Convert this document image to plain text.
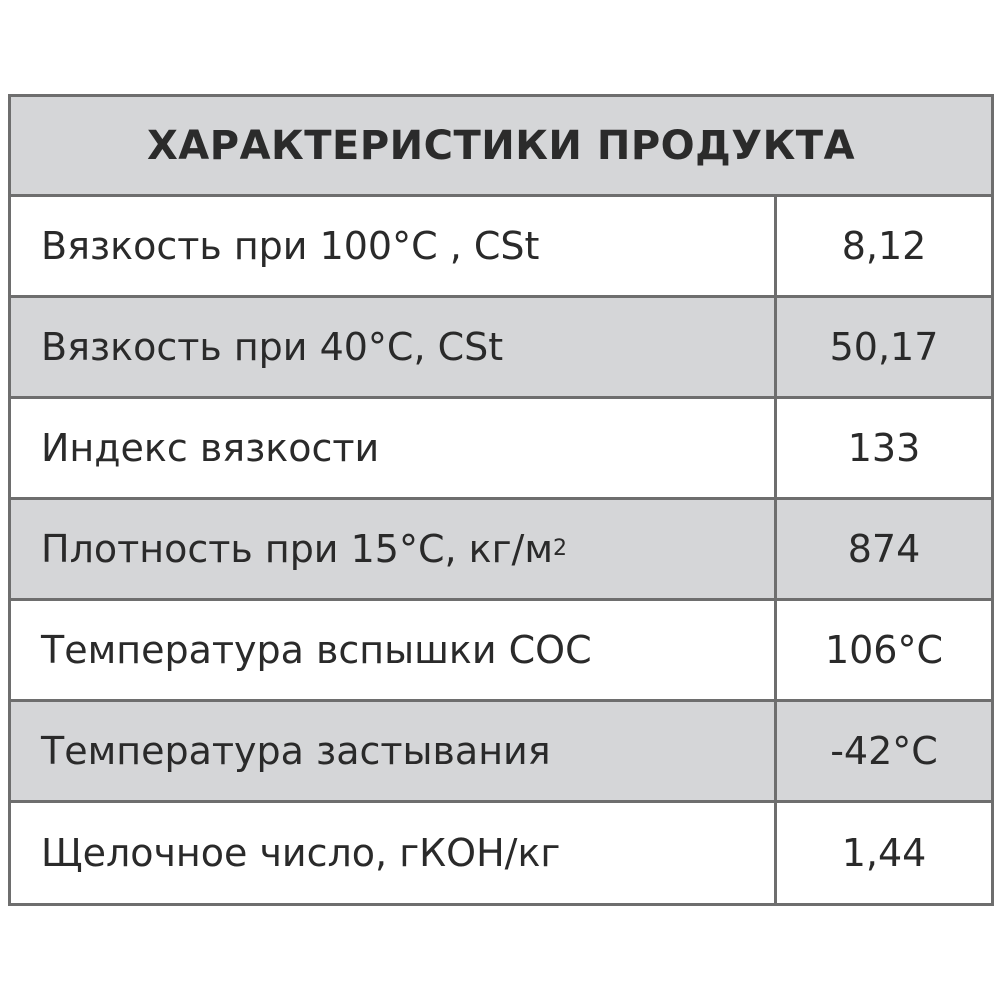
ХАРАКТЕРИСТИКИ ПРОДУКТА
Вязкость при 100°С , CSt	8,12
Вязкость при 40°С, CSt	50,17
Индекс вязкости	133
Плотность при 15°С, кг/м 2	874
Температура вспышки СОС	106°С
Температура застывания	-42°С
Щелочное число, гКОН/кг	1,44
